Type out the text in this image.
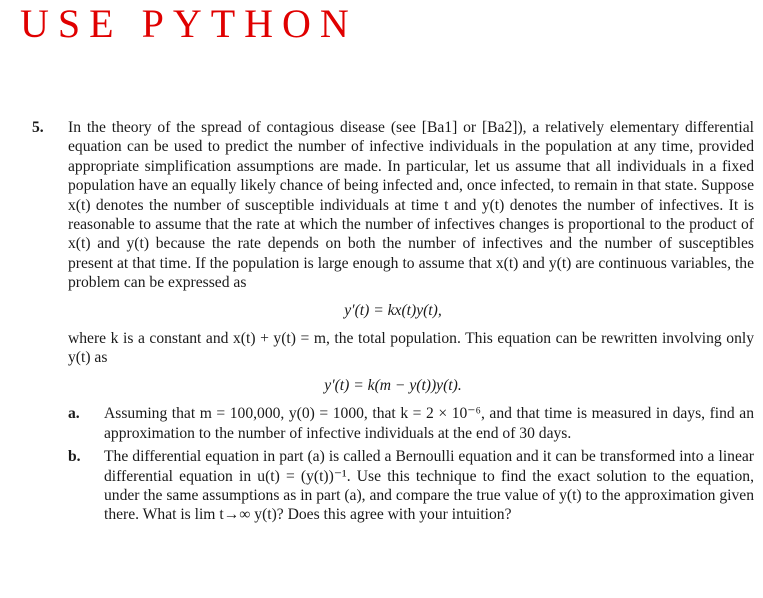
USE PYTHON
5. In the theory of the spread of contagious disease (see [Ba1] or [Ba2]), a relatively elementary differential equation can be used to predict the number of infective individuals in the population at any time, provided appropriate simplification assumptions are made. In particular, let us assume that all individuals in a fixed population have an equally likely chance of being infected and, once infected, to remain in that state. Suppose x(t) denotes the number of susceptible individuals at time t and y(t) denotes the number of infectives. It is reasonable to assume that the rate at which the number of infectives changes is proportional to the product of x(t) and y(t) because the rate depends on both the number of infectives and the number of susceptibles present at that time. If the population is large enough to assume that x(t) and y(t) are continuous variables, the problem can be expressed as

y′(t) = kx(t)y(t),

where k is a constant and x(t) + y(t) = m, the total population. This equation can be rewritten involving only y(t) as

y′(t) = k(m − y(t))y(t).
a. Assuming that m = 100,000, y(0) = 1000, that k = 2 × 10⁻⁶, and that time is measured in days, find an approximation to the number of infective individuals at the end of 30 days.
b. The differential equation in part (a) is called a Bernoulli equation and it can be transformed into a linear differential equation in u(t) = (y(t))⁻¹. Use this technique to find the exact solution to the equation, under the same assumptions as in part (a), and compare the true value of y(t) to the approximation given there. What is lim t→∞ y(t)? Does this agree with your intuition?
